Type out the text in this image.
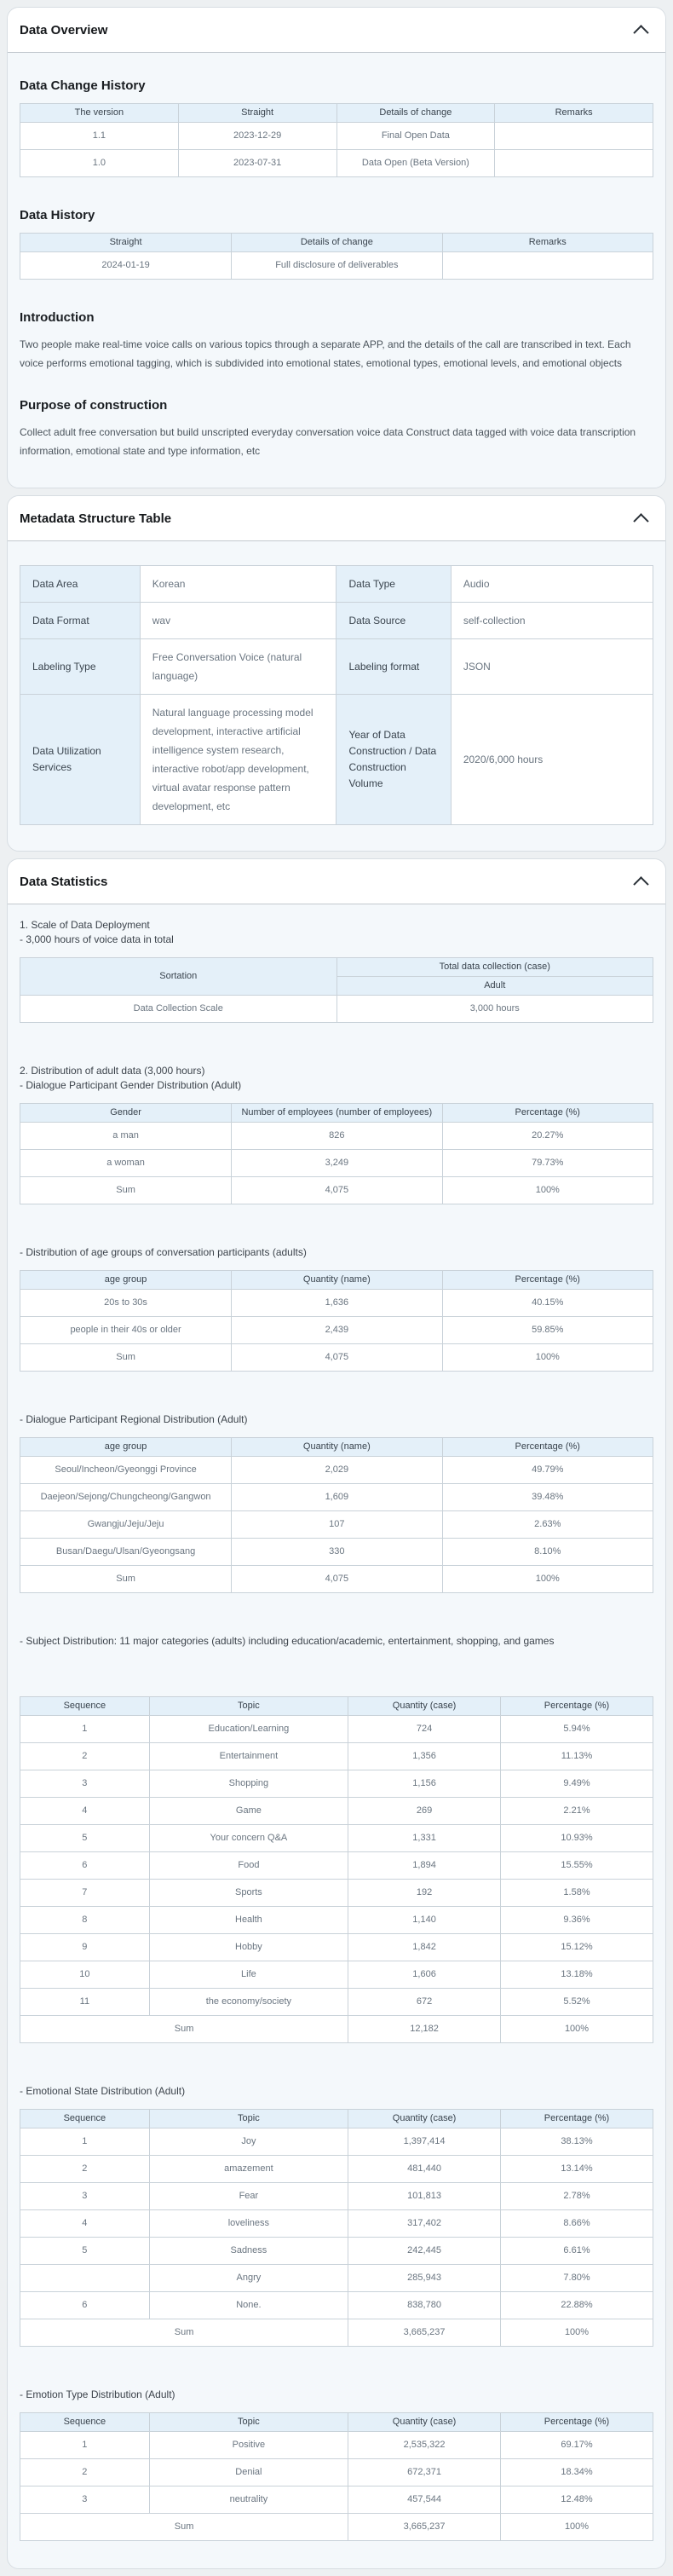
Data Overview
Data Change History
The version	Straight	Details of change	Remarks
1.1	2023-12-29	Final Open Data	
1.0	2023-07-31	Data Open (Beta Version)	
Data History
Straight	Details of change	Remarks
2024-01-19	Full disclosure of deliverables	
Introduction

Two people make real-time voice calls on various topics through a separate APP, and the details of the call are transcribed in text. Each voice performs emotional tagging, which is subdivided into emotional states, emotional types, emotional levels, and emotional objects

Purpose of construction

Collect adult free conversation but build unscripted everyday conversation voice data Construct data tagged with voice data transcription information, emotional state and type information, etc

Metadata Structure Table
Data Area	Korean	Data Type	Audio
Data Format	wav	Data Source	self-collection
Labeling Type	Free Conversation Voice (natural language)	Labeling format	JSON
Data Utilization Services	Natural language processing model development, interactive artificial intelligence system research, interactive robot/app development, virtual avatar response pattern development, etc	Year of Data Construction / Data Construction Volume	2020/6,000 hours
Data Statistics

1. Scale of Data Deployment

- 3,000 hours of voice data in total

Sortation	Total data collection (case)
	Adult
Data Collection Scale	3,000 hours

2. Distribution of adult data (3,000 hours)

- Dialogue Participant Gender Distribution (Adult)

Gender	Number of employees (number of employees)	Percentage (%)
a man	826	20.27%
a woman	3,249	79.73%
Sum	4,075	100%

- Distribution of age groups of conversation participants (adults)

age group	Quantity (name)	Percentage (%)
20s to 30s	1,636	40.15%
people in their 40s or older	2,439	59.85%
Sum	4,075	100%

- Dialogue Participant Regional Distribution (Adult)

age group	Quantity (name)	Percentage (%)
Seoul/Incheon/Gyeonggi Province	2,029	49.79%
Daejeon/Sejong/Chungcheong/Gangwon	1,609	39.48%
Gwangju/Jeju/Jeju	107	2.63%
Busan/Daegu/Ulsan/Gyeongsang	330	8.10%
Sum	4,075	100%

- Subject Distribution: 11 major categories (adults) including education/academic, entertainment, shopping, and games

Sequence	Topic	Quantity (case)	Percentage (%)
1	Education/Learning	724	5.94%
2	Entertainment	1,356	11.13%
3	Shopping	1,156	9.49%
4	Game	269	2.21%
5	Your concern Q&A	1,331	10.93%
6	Food	1,894	15.55%
7	Sports	192	1.58%
8	Health	1,140	9.36%
9	Hobby	1,842	15.12%
10	Life	1,606	13.18%
11	the economy/society	672	5.52%
Sum		12,182	100%

- Emotional State Distribution (Adult)

Sequence	Topic	Quantity (case)	Percentage (%)
1	Joy	1,397,414	38.13%
2	amazement	481,440	13.14%
3	Fear	101,813	2.78%
4	loveliness	317,402	8.66%
5	Sadness	242,445	6.61%
	Angry	285,943	7.80%
6	None.	838,780	22.88%
Sum		3,665,237	100%

- Emotion Type Distribution (Adult)

Sequence	Topic	Quantity (case)	Percentage (%)
1	Positive	2,535,322	69.17%
2	Denial	672,371	18.34%
3	neutrality	457,544	12.48%
Sum		3,665,237	100%
